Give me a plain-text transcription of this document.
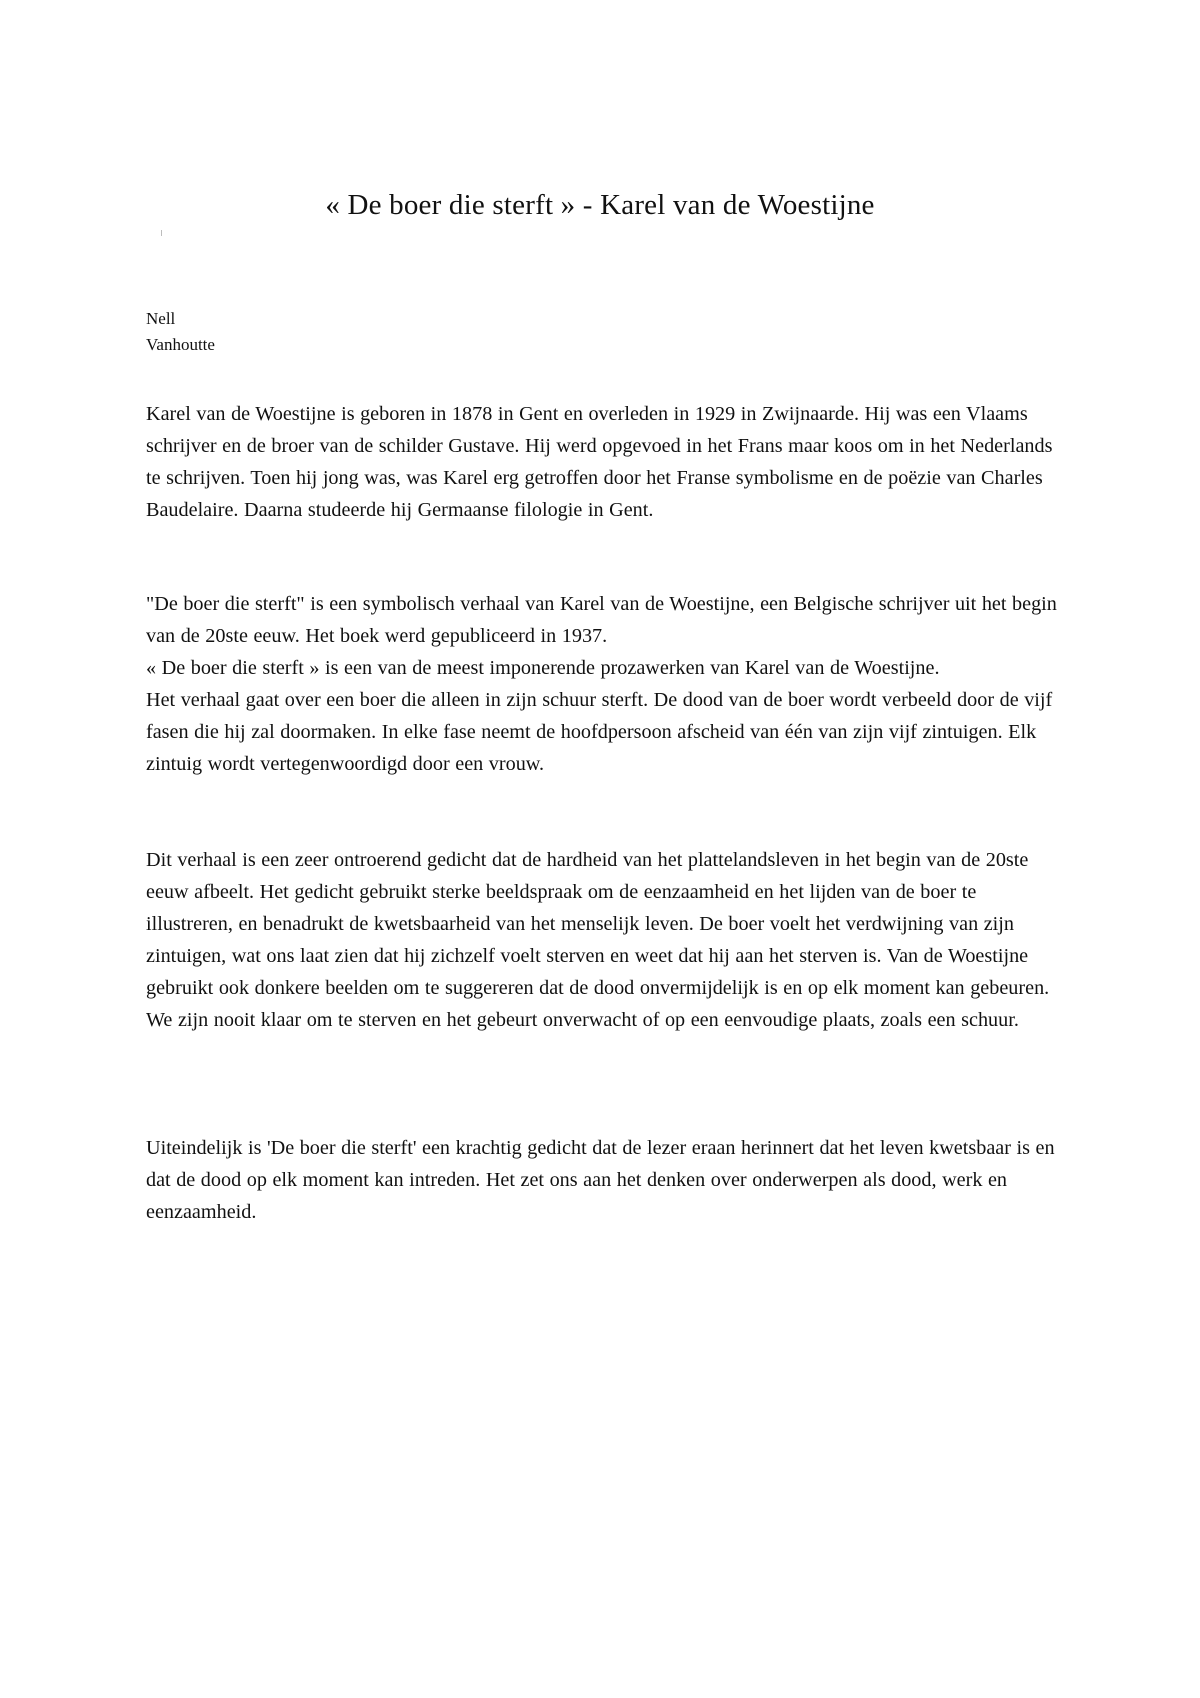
« De boer die sterft » - Karel van de Woestijne
Nell
Vanhoutte

Karel van de Woestijne is geboren in 1878 in Gent en overleden in 1929 in Zwijnaarde. Hij was een Vlaams schrijver en de broer van de schilder Gustave. Hij werd opgevoed in het Frans maar koos om in het Nederlands te schrijven. Toen hij jong was, was Karel erg getroffen door het Franse symbolisme en de poëzie van Charles Baudelaire. Daarna studeerde hij Germaanse filologie in Gent.

"De boer die sterft" is een symbolisch verhaal van Karel van de Woestijne, een Belgische schrijver uit het begin van de 20ste eeuw. Het boek werd gepubliceerd in 1937.

« De boer die sterft » is een van de meest imponerende prozawerken van Karel van de Woestijne.

Het verhaal gaat over een boer die alleen in zijn schuur sterft. De dood van de boer wordt verbeeld door de vijf fasen die hij zal doormaken. In elke fase neemt de hoofdpersoon afscheid van één van zijn vijf zintuigen. Elk zintuig wordt vertegenwoordigd door een vrouw.

Dit verhaal is een zeer ontroerend gedicht dat de hardheid van het plattelandsleven in het begin van de 20ste eeuw afbeelt. Het gedicht gebruikt sterke beeldspraak om de eenzaamheid en het lijden van de boer te illustreren, en benadrukt de kwetsbaarheid van het menselijk leven. De boer voelt het verdwijning van zijn zintuigen, wat ons laat zien dat hij zichzelf voelt sterven en weet dat hij aan het sterven is. Van de Woestijne gebruikt ook donkere beelden om te suggereren dat de dood onvermijdelijk is en op elk moment kan gebeuren. We zijn nooit klaar om te sterven en het gebeurt onverwacht of op een eenvoudige plaats, zoals een schuur.

Uiteindelijk is 'De boer die sterft' een krachtig gedicht dat de lezer eraan herinnert dat het leven kwetsbaar is en dat de dood op elk moment kan intreden. Het zet ons aan het denken over onderwerpen als dood, werk en eenzaamheid.
